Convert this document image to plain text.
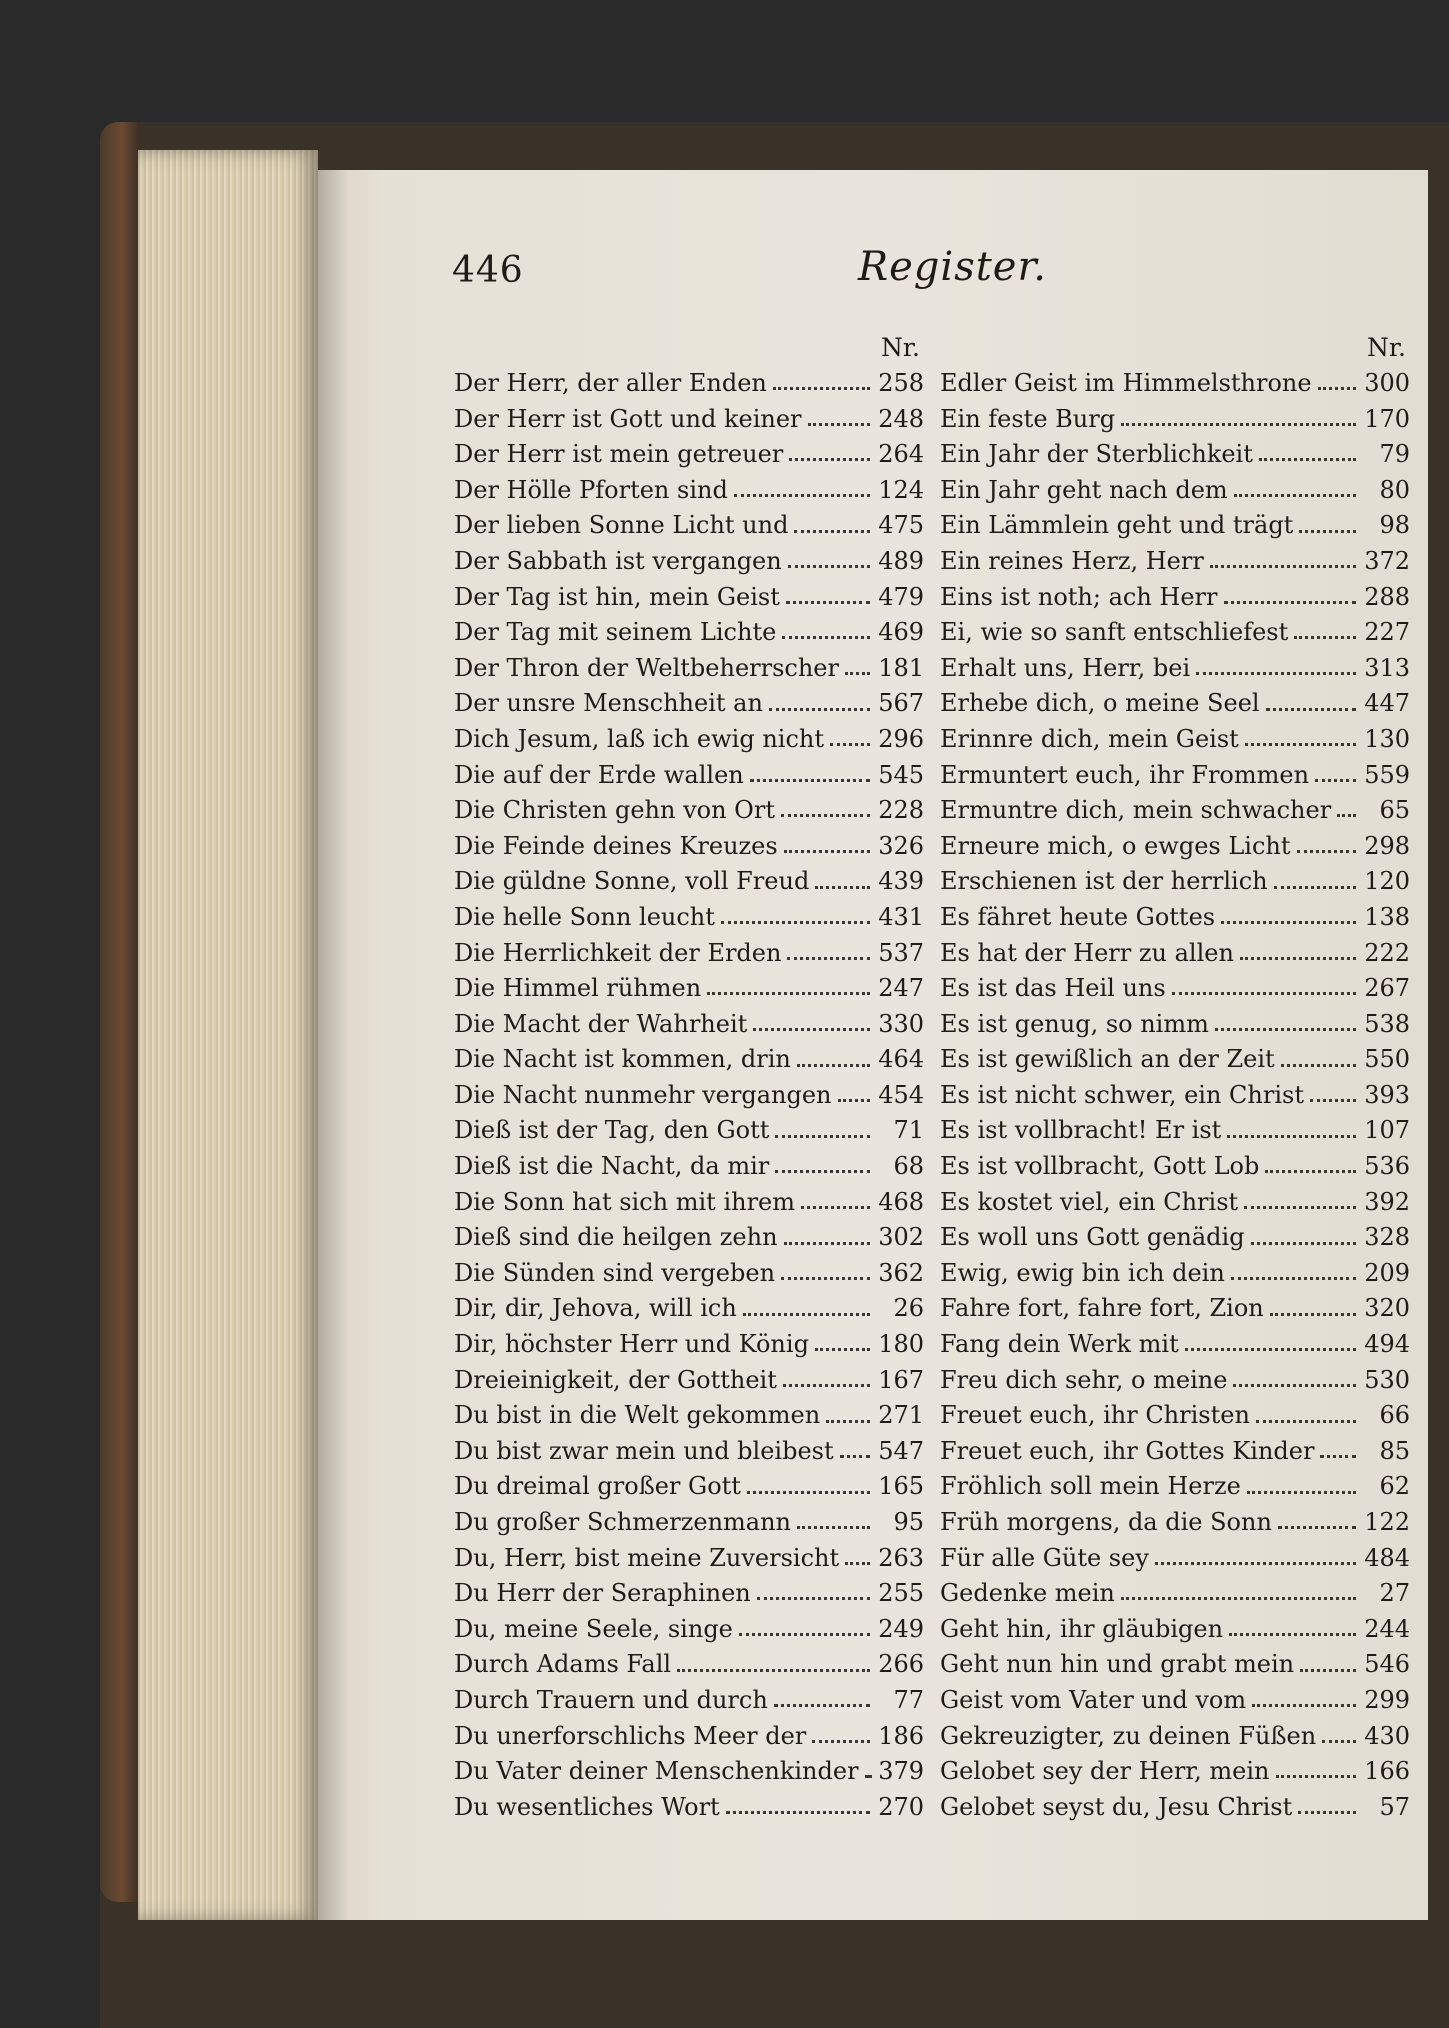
446	Register.
Nr.
Der Herr, der aller Enden	258
Der Herr ist Gott und keiner	248
Der Herr ist mein getreuer	264
Der Hölle Pforten sind	124
Der lieben Sonne Licht und	475
Der Sabbath ist vergangen	489
Der Tag ist hin, mein Geist	479
Der Tag mit seinem Lichte	469
Der Thron der Weltbeherrscher 181
Der unsre Menschheit an	567
Dich Jesum, laß ich ewig nicht 296
Die auf der Erde wallen	545
Die Christen gehn von Ort	228
Die Feinde deines Kreuzes	326
Die güldne Sonne, voll Freud	439
Die helle Sonn leucht	431
Die Herrlichkeit der Erden	537
Die Himmel rühmen	247
Die Macht der Wahrheit	330
Die Nacht ist kommen, drin	464
Die Nacht nunmehr vergangen 454
Dieß ist der Tag, den Gott	71
Dieß ist die Nacht, da mir	68
Die Sonn hat sich mit ihrem	468
Dieß sind die heilgen zehn	302
Die Sünden sind vergeben	362
Dir, dir, Jehova, will ich	26
Dir, höchster Herr und König	180
Dreieinigkeit, der Gottheit	167
Du bist in die Welt gekommen 271
Du bist zwar mein und bleibest 547
Du dreimal großer Gott	165
Du großer Schmerzenmann	95
Du, Herr, bist meine Zuversicht 263
Du Herr der Seraphinen	255
Du, meine Seele, singe	249
Durch Adams Fall	266
Durch Trauern und durch	77
Du unerforschlichs Meer der	186
Du Vater deiner Menschenkinder 379
Du wesentliches Wort	270
Nr.
Edler Geist im Himmelsthrone 300
Ein feste Burg	170
Ein Jahr der Sterblichkeit	79
Ein Jahr geht nach dem	80
Ein Lämmlein geht und trägt	98
Ein reines Herz, Herr	372
Eins ist noth; ach Herr	288
Ei, wie so sanft entschliefest	227
Erhalt uns, Herr, bei	313
Erhebe dich, o meine Seel	447
Erinnre dich, mein Geist	130
Ermuntert euch, ihr Frommen 559
Ermuntre dich, mein schwacher	65
Erneure mich, o ewges Licht	298
Erschienen ist der herrlich	120
Es fähret heute Gottes	138
Es hat der Herr zu allen	222
Es ist das Heil uns	267
Es ist genug, so nimm	538
Es ist gewißlich an der Zeit	550
Es ist nicht schwer, ein Christ	393
Es ist vollbracht! Er ist	107
Es ist vollbracht, Gott Lob	536
Es kostet viel, ein Christ	392
Es woll uns Gott genädig	328
Ewig, ewig bin ich dein	209
Fahre fort, fahre fort, Zion	320
Fang dein Werk mit	494
Freu dich sehr, o meine	530
Freuet euch, ihr Christen	66
Freuet euch, ihr Gottes Kinder	85
Fröhlich soll mein Herze	62
Früh morgens, da die Sonn	122
Für alle Güte sey	484
Gedenke mein	27
Geht hin, ihr gläubigen	244
Geht nun hin und grabt mein	546
Geist vom Vater und vom	299
Gekreuzigter, zu deinen Füßen 430
Gelobet sey der Herr, mein	166
Gelobet seyst du, Jesu Christ	57
